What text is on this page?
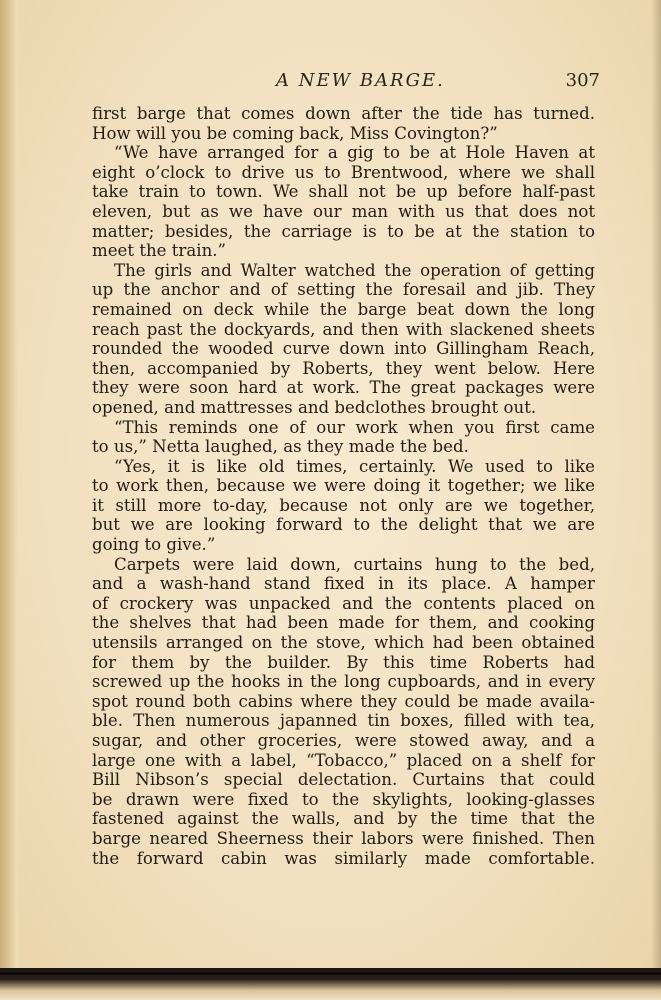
A NEW BARGE.	307
first barge that comes down after the tide has turned.
How will you be coming back, Miss Covington?”
“We have arranged for a gig to be at Hole Haven at
eight o’clock to drive us to Brentwood, where we shall
take train to town. We shall not be up before half-past
eleven, but as we have our man with us that does not
matter; besides, the carriage is to be at the station to
meet the train.”
The girls and Walter watched the operation of getting
up the anchor and of setting the foresail and jib. They
remained on deck while the barge beat down the long
reach past the dockyards, and then with slackened sheets
rounded the wooded curve down into Gillingham Reach,
then, accompanied by Roberts, they went below. Here
they were soon hard at work. The great packages were
opened, and mattresses and bedclothes brought out.
“This reminds one of our work when you first came
to us,” Netta laughed, as they made the bed.
“Yes, it is like old times, certainly. We used to like
to work then, because we were doing it together; we like
it still more to-day, because not only are we together,
but we are looking forward to the delight that we are
going to give.”
Carpets were laid down, curtains hung to the bed,
and a wash-hand stand fixed in its place. A hamper
of crockery was unpacked and the contents placed on
the shelves that had been made for them, and cooking
utensils arranged on the stove, which had been obtained
for them by the builder. By this time Roberts had
screwed up the hooks in the long cupboards, and in every
spot round both cabins where they could be made availa-
ble. Then numerous japanned tin boxes, filled with tea,
sugar, and other groceries, were stowed away, and a
large one with a label, “Tobacco,” placed on a shelf for
Bill Nibson’s special delectation. Curtains that could
be drawn were fixed to the skylights, looking-glasses
fastened against the walls, and by the time that the
barge neared Sheerness their labors were finished. Then
the forward cabin was similarly made comfortable.
